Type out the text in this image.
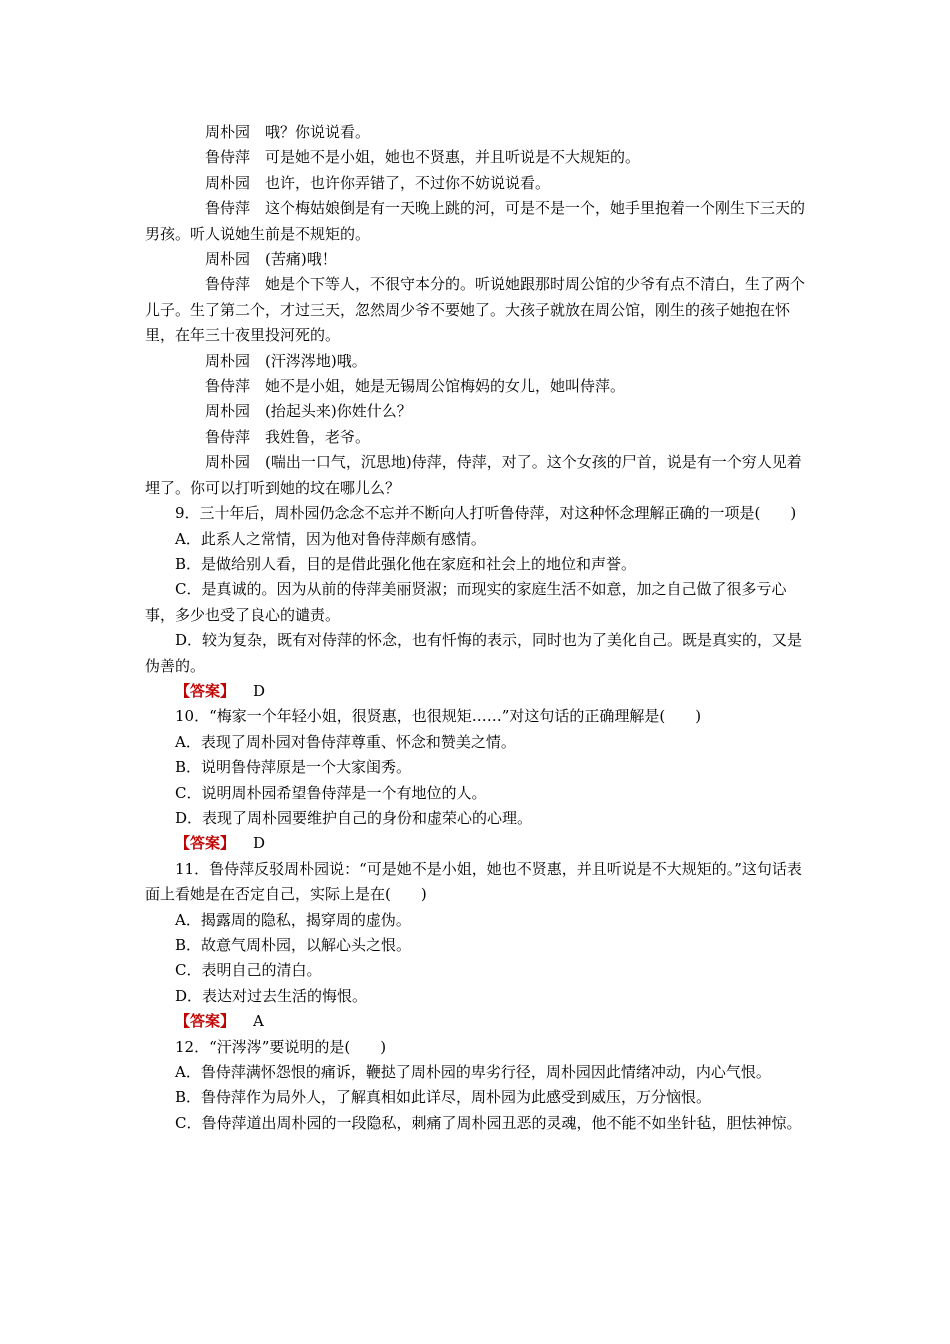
周朴园 哦？你说说看。

鲁侍萍 可是她不是小姐，她也不贤惠，并且听说是不大规矩的。

周朴园 也许，也许你弄错了，不过你不妨说说看。

鲁侍萍 这个梅姑娘倒是有一天晚上跳的河，可是不是一个，她手里抱着一个刚生下三天的男孩。听人说她生前是不规矩的。

周朴园 (苦痛)哦！

鲁侍萍 她是个下等人，不很守本分的。听说她跟那时周公馆的少爷有点不清白，生了两个儿子。生了第二个，才过三天，忽然周少爷不要她了。大孩子就放在周公馆，刚生的孩子她抱在怀里，在年三十夜里投河死的。

周朴园 (汗涔涔地)哦。

鲁侍萍 她不是小姐，她是无锡周公馆梅妈的女儿，她叫侍萍。

周朴园 (抬起头来)你姓什么？

鲁侍萍 我姓鲁，老爷。

周朴园 (喘出一口气，沉思地)侍萍，侍萍，对了。这个女孩的尸首，说是有一个穷人见着埋了。你可以打听到她的坟在哪儿么？

9．三十年后，周朴园仍念念不忘并不断向人打听鲁侍萍，对这种怀念理解正确的一项是(　　)

A．此系人之常情，因为他对鲁侍萍颇有感情。

B．是做给别人看，目的是借此强化他在家庭和社会上的地位和声誉。

C．是真诚的。因为从前的侍萍美丽贤淑；而现实的家庭生活不如意，加之自己做了很多亏心事，多少也受了良心的谴责。

D．较为复杂，既有对侍萍的怀念，也有忏悔的表示，同时也为了美化自己。既是真实的，又是伪善的。

【答案】 D

10．“梅家一个年轻小姐，很贤惠，也很规矩……”对这句话的正确理解是(　　)

A．表现了周朴园对鲁侍萍尊重、怀念和赞美之情。

B．说明鲁侍萍原是一个大家闺秀。

C．说明周朴园希望鲁侍萍是一个有地位的人。

D．表现了周朴园要维护自己的身份和虚荣心的心理。

【答案】 D

11．鲁侍萍反驳周朴园说：“可是她不是小姐，她也不贤惠，并且听说是不大规矩的。”这句话表面上看她是在否定自己，实际上是在(　　)

A．揭露周的隐私，揭穿周的虚伪。

B．故意气周朴园，以解心头之恨。

C．表明自己的清白。

D．表达对过去生活的悔恨。

【答案】 A

12．“汗涔涔”要说明的是(　　)

A．鲁侍萍满怀怨恨的痛诉，鞭挞了周朴园的卑劣行径，周朴园因此情绪冲动，内心气恨。

B．鲁侍萍作为局外人，了解真相如此详尽，周朴园为此感受到威压，万分恼恨。

C．鲁侍萍道出周朴园的一段隐私，刺痛了周朴园丑恶的灵魂，他不能不如坐针毡，胆怯神惊。
